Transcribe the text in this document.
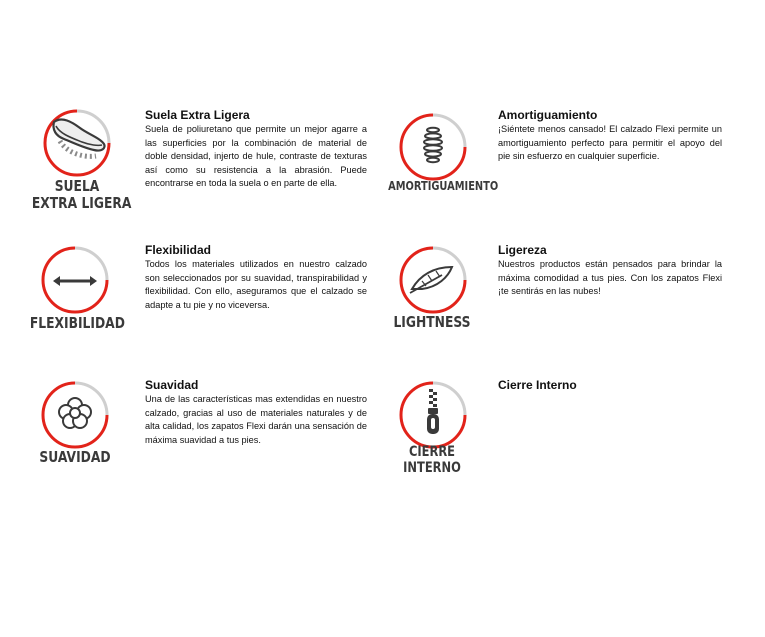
SUELA
EXTRA LIGERA
Suela Extra Ligera
Suela de poliuretano que permite un mejor agarre a las superficies por la combinación de material de doble densidad, injerto de hule, contraste de texturas así como su resistencia a la abrasión. Puede encontrarse en toda la suela o en parte de ella.	AMORTIGUAMIENTO
Amortiguamiento
¡Siéntete menos cansado! El calzado Flexi permite un amortiguamiento perfecto para permitir el apoyo del pie sin esfuerzo en cualquier superficie.
FLEXIBILIDAD
Flexibilidad
Todos los materiales utilizados en nuestro calzado son seleccionados por su suavidad, transpirabilidad y flexibilidad. Con ello, aseguramos que el calzado se adapte a tu pie y no viceversa.
LIGHTNESS
Ligereza
Nuestros productos están pensados para brindar la máxima comodidad a tus pies. Con los zapatos Flexi ¡te sentirás en las nubes!
SUAVIDAD
Suavidad
Una de las características mas extendidas en nuestro calzado, gracias al uso de materiales naturales y de alta calidad, los zapatos Flexi darán una sensación de máxima suavidad a tus pies.
CIERRE
INTERNO
Cierre Interno
